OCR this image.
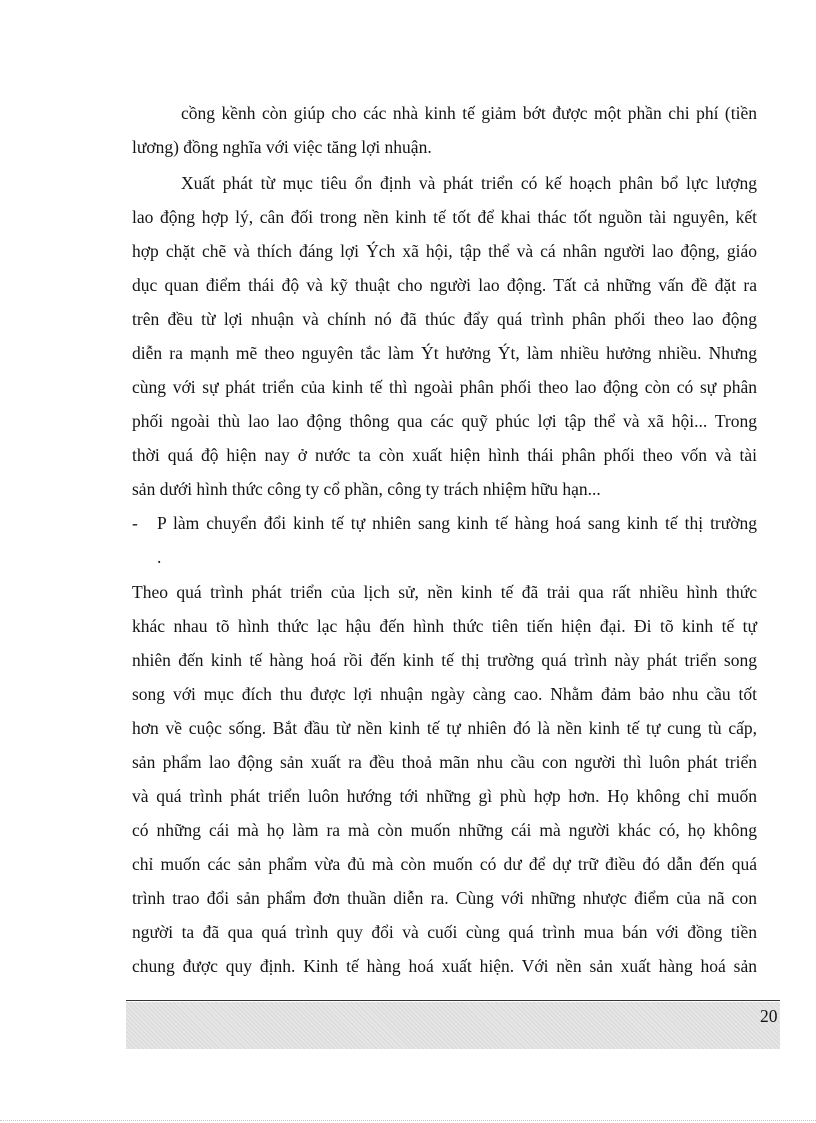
cồng kềnh còn giúp cho các nhà kinh tế giảm bớt được một phần chi phí (tiền

lương) đồng nghĩa với việc tăng lợi nhuận.

Xuất phát từ mục tiêu ổn định và phát triển có kế hoạch phân bổ lực lượng

lao động hợp lý, cân đối trong nền kinh tế tốt để khai thác tốt nguồn tài nguyên, kết

hợp chặt chẽ và thích đáng lợi Ých xã hội, tập thể và cá nhân người lao động, giáo

dục quan điểm thái độ và kỹ thuật cho người lao động. Tất cả những vấn đề đặt ra

trên đều từ lợi nhuận và chính nó đã thúc đẩy quá trình phân phối theo lao động

diễn ra mạnh mẽ theo nguyên tắc làm Ýt hưởng Ýt, làm nhiều hưởng nhiều. Nhưng

cùng với sự phát triển của kinh tế thì ngoài phân phối theo lao động còn có sự phân

phối ngoài thù lao lao động thông qua các quỹ phúc lợi tập thể và xã hội... Trong

thời quá độ hiện nay ở nước ta còn xuất hiện hình thái phân phối theo vốn và tài

sản dưới hình thức công ty cổ phần, công ty trách nhiệm hữu hạn...

-	P làm chuyển đổi kinh tế tự nhiên sang kinh tế hàng hoá sang kinh tế thị trường

.

Theo quá trình phát triển của lịch sử, nền kinh tế đã trải qua rất nhiều hình thức

khác nhau tõ hình thức lạc hậu đến hình thức tiên tiến hiện đại. Đi tõ kinh tế tự

nhiên đến kinh tế hàng hoá rồi đến kinh tế thị trường quá trình này phát triển song

song với mục đích thu được lợi nhuận ngày càng cao. Nhằm đảm bảo nhu cầu tốt

hơn về cuộc sống. Bắt đầu từ nền kinh tế tự nhiên đó là nền kinh tế tự cung tù cấp,

sản phẩm lao động sản xuất ra đều thoả mãn nhu cầu con người thì luôn phát triển

và quá trình phát triển luôn hướng tới những gì phù hợp hơn. Họ không chỉ muốn

có những cái mà họ làm ra mà còn muốn những cái mà người khác có, họ không

chỉ muốn các sản phẩm vừa đủ mà còn muốn có dư để dự trữ điều đó dẫn đến quá

trình trao đổi sản phẩm đơn thuần diễn ra. Cùng với những nhược điểm của nã con

người ta đã qua quá trình quy đổi và cuối cùng quá trình mua bán với đồng tiền

chung được quy định. Kinh tế hàng hoá xuất hiện. Với nền sản xuất hàng hoá sản

20
